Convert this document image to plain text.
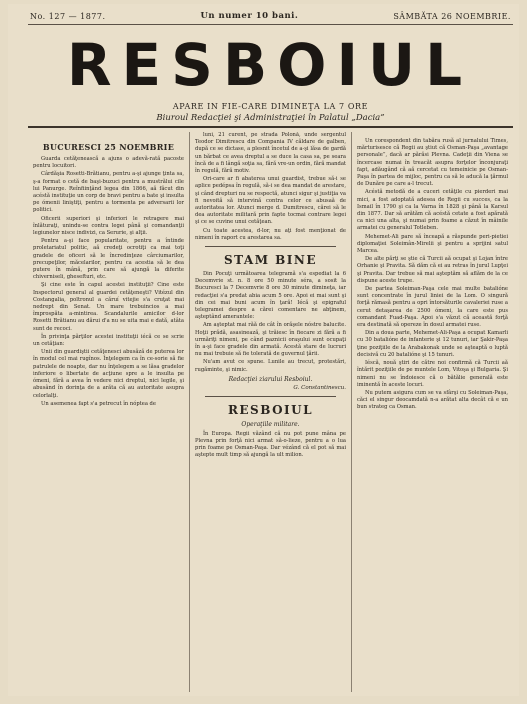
No. 127 — 1877.	Un numer 10 bani.	SÂMBĂTA 26 NOEMBRIE.
RESBOIUL
APARE IN FIE-CARE DIMINEŢA LA 7 ORE
Biuroul Redacţiei şi Administraţiei în Palatul „Dacia”
BUCURESCI 25 NOEMBRIE

Guarda cetăţenească a ajuns o adevă-rată pacoste pentru locuitori.

Cârdăşia Rosetti-Brătianu, pentru a-şi ajunge ţinta sa, ş-a format o cetă de başi-buzuci pentru a mustrălui cile lui Panurge. Reînfiinţând legea din 1866, aă făcut din acéstă instituţie un corp de bravi pentru a bate şi insulta pe ómenii liniştiţi, pentru a tormenta pe adversarii lor politici.

Oficerii superiori şi inferiori le retragere mai înlăturaţi, unindu-se contra legei până şi comandanţii legiunelor nisce indivizi, ca Serurie, şi alţii.

Pentru a-şi face popularitate, pentru a întinde proletariatul politic, aă credeţi ocrotiţi ca mai toţi gradele de oficeri să le încredinţeze cârciumarilor, precupeţilor, măcelarilor, pentru ca acestia să le dea putere în mână, prin care să ajungă la diferite chiverniseli, ghesefturi, etc.

Şi cine este în capul acestei instituţii? Cine este Inspectorul general al guardei cetăţeneşti? Vitézul din Costangalia, poltronul a căruí vitejie s'a cruţat mai nedrept din Senat. Un mare trebuincios a mai împrospăta a-mintirea. Scandalurile amicilor d-lor Rosetti Brătianu au dărui d'a nu se uita mai e dată, atâta sunt de recoci.

În privinţa părţilor acestei instituţii iécă ce se scrie un cetăţian:

Unii din guardiştii cetăţenesci abusăză de puterea lor în modul cel mai rugînos. Înţelegem ca în ce-sorie să fie patrulele de noapte, dar nu înţelegem a se lăsa gradelor inferiore o libertate de acţiune spre a le insulta pe ómeni, fără a avea în vedere nici dreptul, nici legile, şi abusând în dorinţa de a arăta că au autoritate asupra celorlalţi.

Un asemenea fapt s'a petrecut în nóptea de

luni, 21 curent, pe strada Polonă, unde sergentul Teodor Dimitrescu din Compania IV căldare de galben, după ce se dictase, a plesnit încetul de a-şi lăsa de gardă un bărbat ce avea dreptul a se duce la casa sa, pe seara încă de a fi lângă soţia sa, fără vre-un ordin, fără mandat în regulă, fără motiv.

Ori-care ar fi abaterea unui guardist, trebue să-i se aplice pedépsa în regulă, să-i se dea mandat de arestare, şi când drepturi nu se respectă, atunci sigur şi justiţia va fi nevoită să intervină contra celor ce abusaă de autoritatea lor. Atunci merge d. Dumitrescu, cărei să le dea autoritate militară prin fapte tocmai contrare legei şi ce se cuvine unui cetăţean.

Cu toate acestea, d-lor, nu aţi fost menţionat de nimeni în raport cu arestarea sa.

STAM BINE

Din Pocuţi următoarea telegramă s'a espediat la 6 Decemvrie st. n. 8 ore 50 minute séra, a sosit la Bucuresci la 7 Decemvrie 8 ore 30 minute dimineţa, iar redacţiei s'a predat abia acum 5 ore. Apoi ei mai sunt şi din cei mai buni acum în ţară! Iécă şi epigraful telegramei despre a cărei comentare ne abţinem, aşteptând amerantele:

Am aşteptat mai răă de cât în orăşele nóstre balucite. Hoţii prădă, asasinează, şi trăiesc în fiecare zi fără a fi urmăriţi nimeni, pe când paznicii oraşului sunt ocupaţi în a-şi face gradele din armată. Acestă stare de lucruri nu mai trebuie să fie tolerată de guvernul ţării.

Nu'am avut ce spune. Lunile au trecut, protestări, rugăminte, şi nimic.

Redacţiei ziarului Resboiul.
G. Constantinescu.
RESBOIUL
Operaţiile militare.

În Europa. Regii văzând că nu pot pune mâna pe Plevna prin forţă nici armat să-o-lieze, pentru a o lua prin foame pe Osman-Paşa. Dar vézând că el pot să mai aştepte mult timp să ajungă la ult milion.

Un corespondent din tabăra rusă al jurnalului Times, mărturisesce că Regii au ştiut că Osman-Paşa „avantage personale”, dacă ar părăsi Plevna. Cadeţii din Viena se încercase numai în treacăt asupra forţelor înconjuraţi fapt, adăugând că aă cercetat cu temeinicie pe Osman-Paşa în partea de mijloc, pentru ca să le aducă la ţărmul de Dunăre pe care a-l trecut.

Acéstă metodă de a cuceri cetăţile cu pierderi mai mici, a fost adoptată adesea de Regii cu succes, ca la Ismail în 1790 şi ca la Varna în 1828 şi până la Karsul din 1877. Dar să arătăm că acéstă cetate a fost apărată ca nici una alta, şi numai prin foame a căzut în mâinile armatei cu generalul Totleben.

Mehemet-Ali pare să înceapă a răspunde peri-pietiei diplomaţiei Soleimân-Mirelii şi pentru a sprijini satul Marcea.

De alte părţi se ştie că Turcii aă ocupat şi Lojan între Orhanie şi Pravita. Să dăm că ei au retras în jurul Lupţei şi Pravita. Dar trebue să mai aşteptăm să aflăm de la ce dispune aceste trupe.

De partea Soleiman-Paşa cele mai multe batalióne sunt concentrate în jurul liniei de la Lom. O singură forţă rămasă pentru a opri întorsăturile cavaleriei ruse a cerut detaşarea de 2500 ómeni, la care este pus comandant Fuad-Paşa. Apoi s'a văzut că această forţă era destinată să opereze în dosul armatei ruse.

Din a doua parte, Mehemet-Ali-Paşa a ocupat Kamarli cu 30 batalióne de infanterie şi 12 tunuri, iar Şakir-Paşa ţine poziţiile de la Arabakonak unde se aşteaptă o luptă decisivă cu 20 batalióne şi 15 tunuri.

Iéscă, nouă ştiri de către noi confirmă că Turcii aă întărit poziţiile de pe muntele Lom, Vitoşa şi Bulgaria. Şi nimeni nu se îndoiesce că o bătălie generală este iminentă în aceste locuri.

Nu putem asigura cum se va sfârşi cu Soleiman-Paşa, căci el singur deocamdată n-a arătat alta decât că e un bun strateg ca Osman.
